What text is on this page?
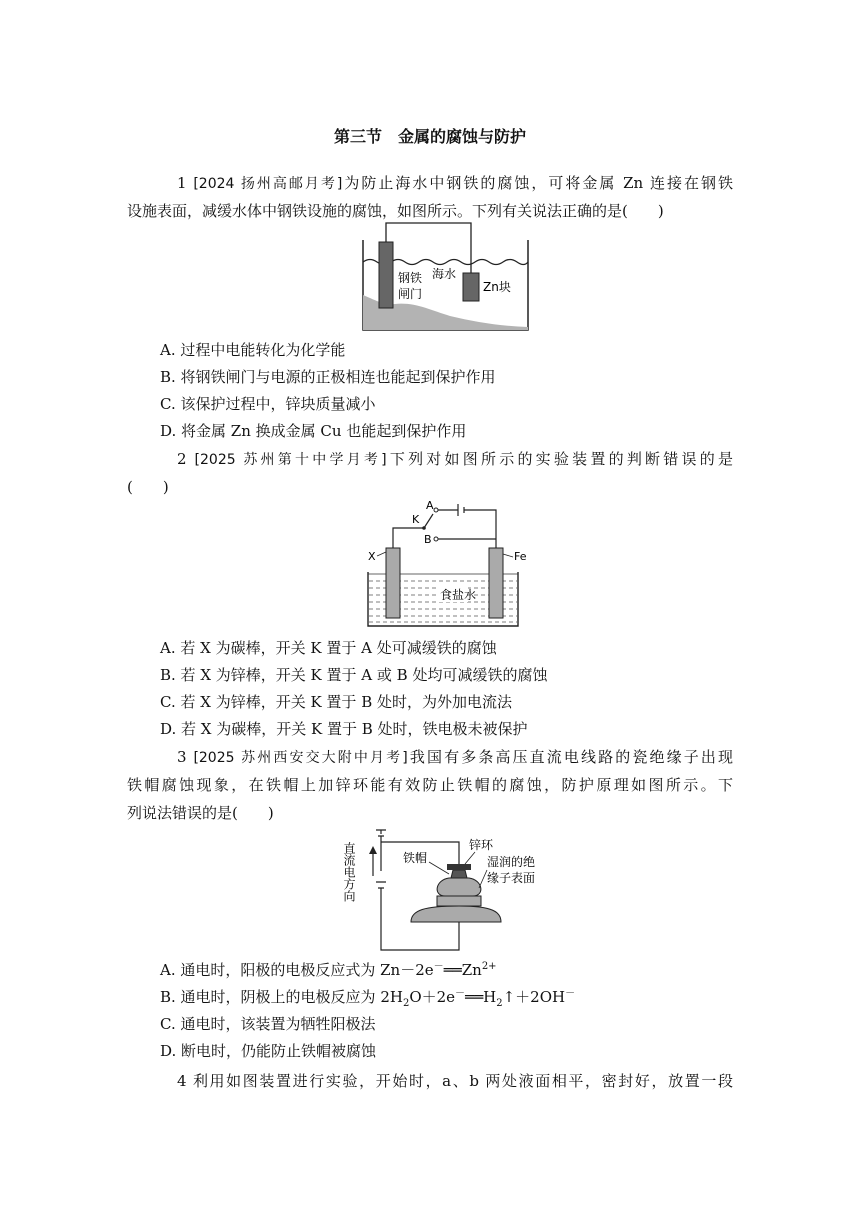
第三节　金属的腐蚀与防护
1 [2024 扬州高邮月考]为防止海水中钢铁的腐蚀，可将金属 Zn 连接在钢铁
设施表面，减缓水体中钢铁设施的腐蚀，如图所示。下列有关说法正确的是(　　)
钢铁
闸门
海水
Zn块
A. 过程中电能转化为化学能
B. 将钢铁闸门与电源的正极相连也能起到保护作用
C. 该保护过程中，锌块质量减小
D. 将金属 Zn 换成金属 Cu 也能起到保护作用
2 [2025 苏州第十中学月考]下列对如图所示的实验装置的判断错误的是
(　　)
食盐水
A
K
B
X	Fe
A. 若 X 为碳棒，开关 K 置于 A 处可减缓铁的腐蚀
B. 若 X 为锌棒，开关 K 置于 A 或 B 处均可减缓铁的腐蚀
C. 若 X 为锌棒，开关 K 置于 B 处时，为外加电流法
D. 若 X 为碳棒，开关 K 置于 B 处时，铁电极未被保护
3 [2025 苏州西安交大附中月考]我国有多条高压直流电线路的瓷绝缘子出现
铁帽腐蚀现象，在铁帽上加锌环能有效防止铁帽的腐蚀，防护原理如图所示。下
列说法错误的是(　　)
直流电方向	锌环
铁帽	湿润的绝
缘子表面
A. 通电时，阳极的电极反应式为 $Zn-2e^-══Zn^{2+}$
B. 通电时，阴极上的电极反应为 $2H_2O+2e^-══H_2↑+2OH^-$
C. 通电时，该装置为牺牲阳极法
D. 断电时，仍能防止铁帽被腐蚀
4 利用如图装置进行实验，开始时，a、b 两处液面相平，密封好，放置一段
